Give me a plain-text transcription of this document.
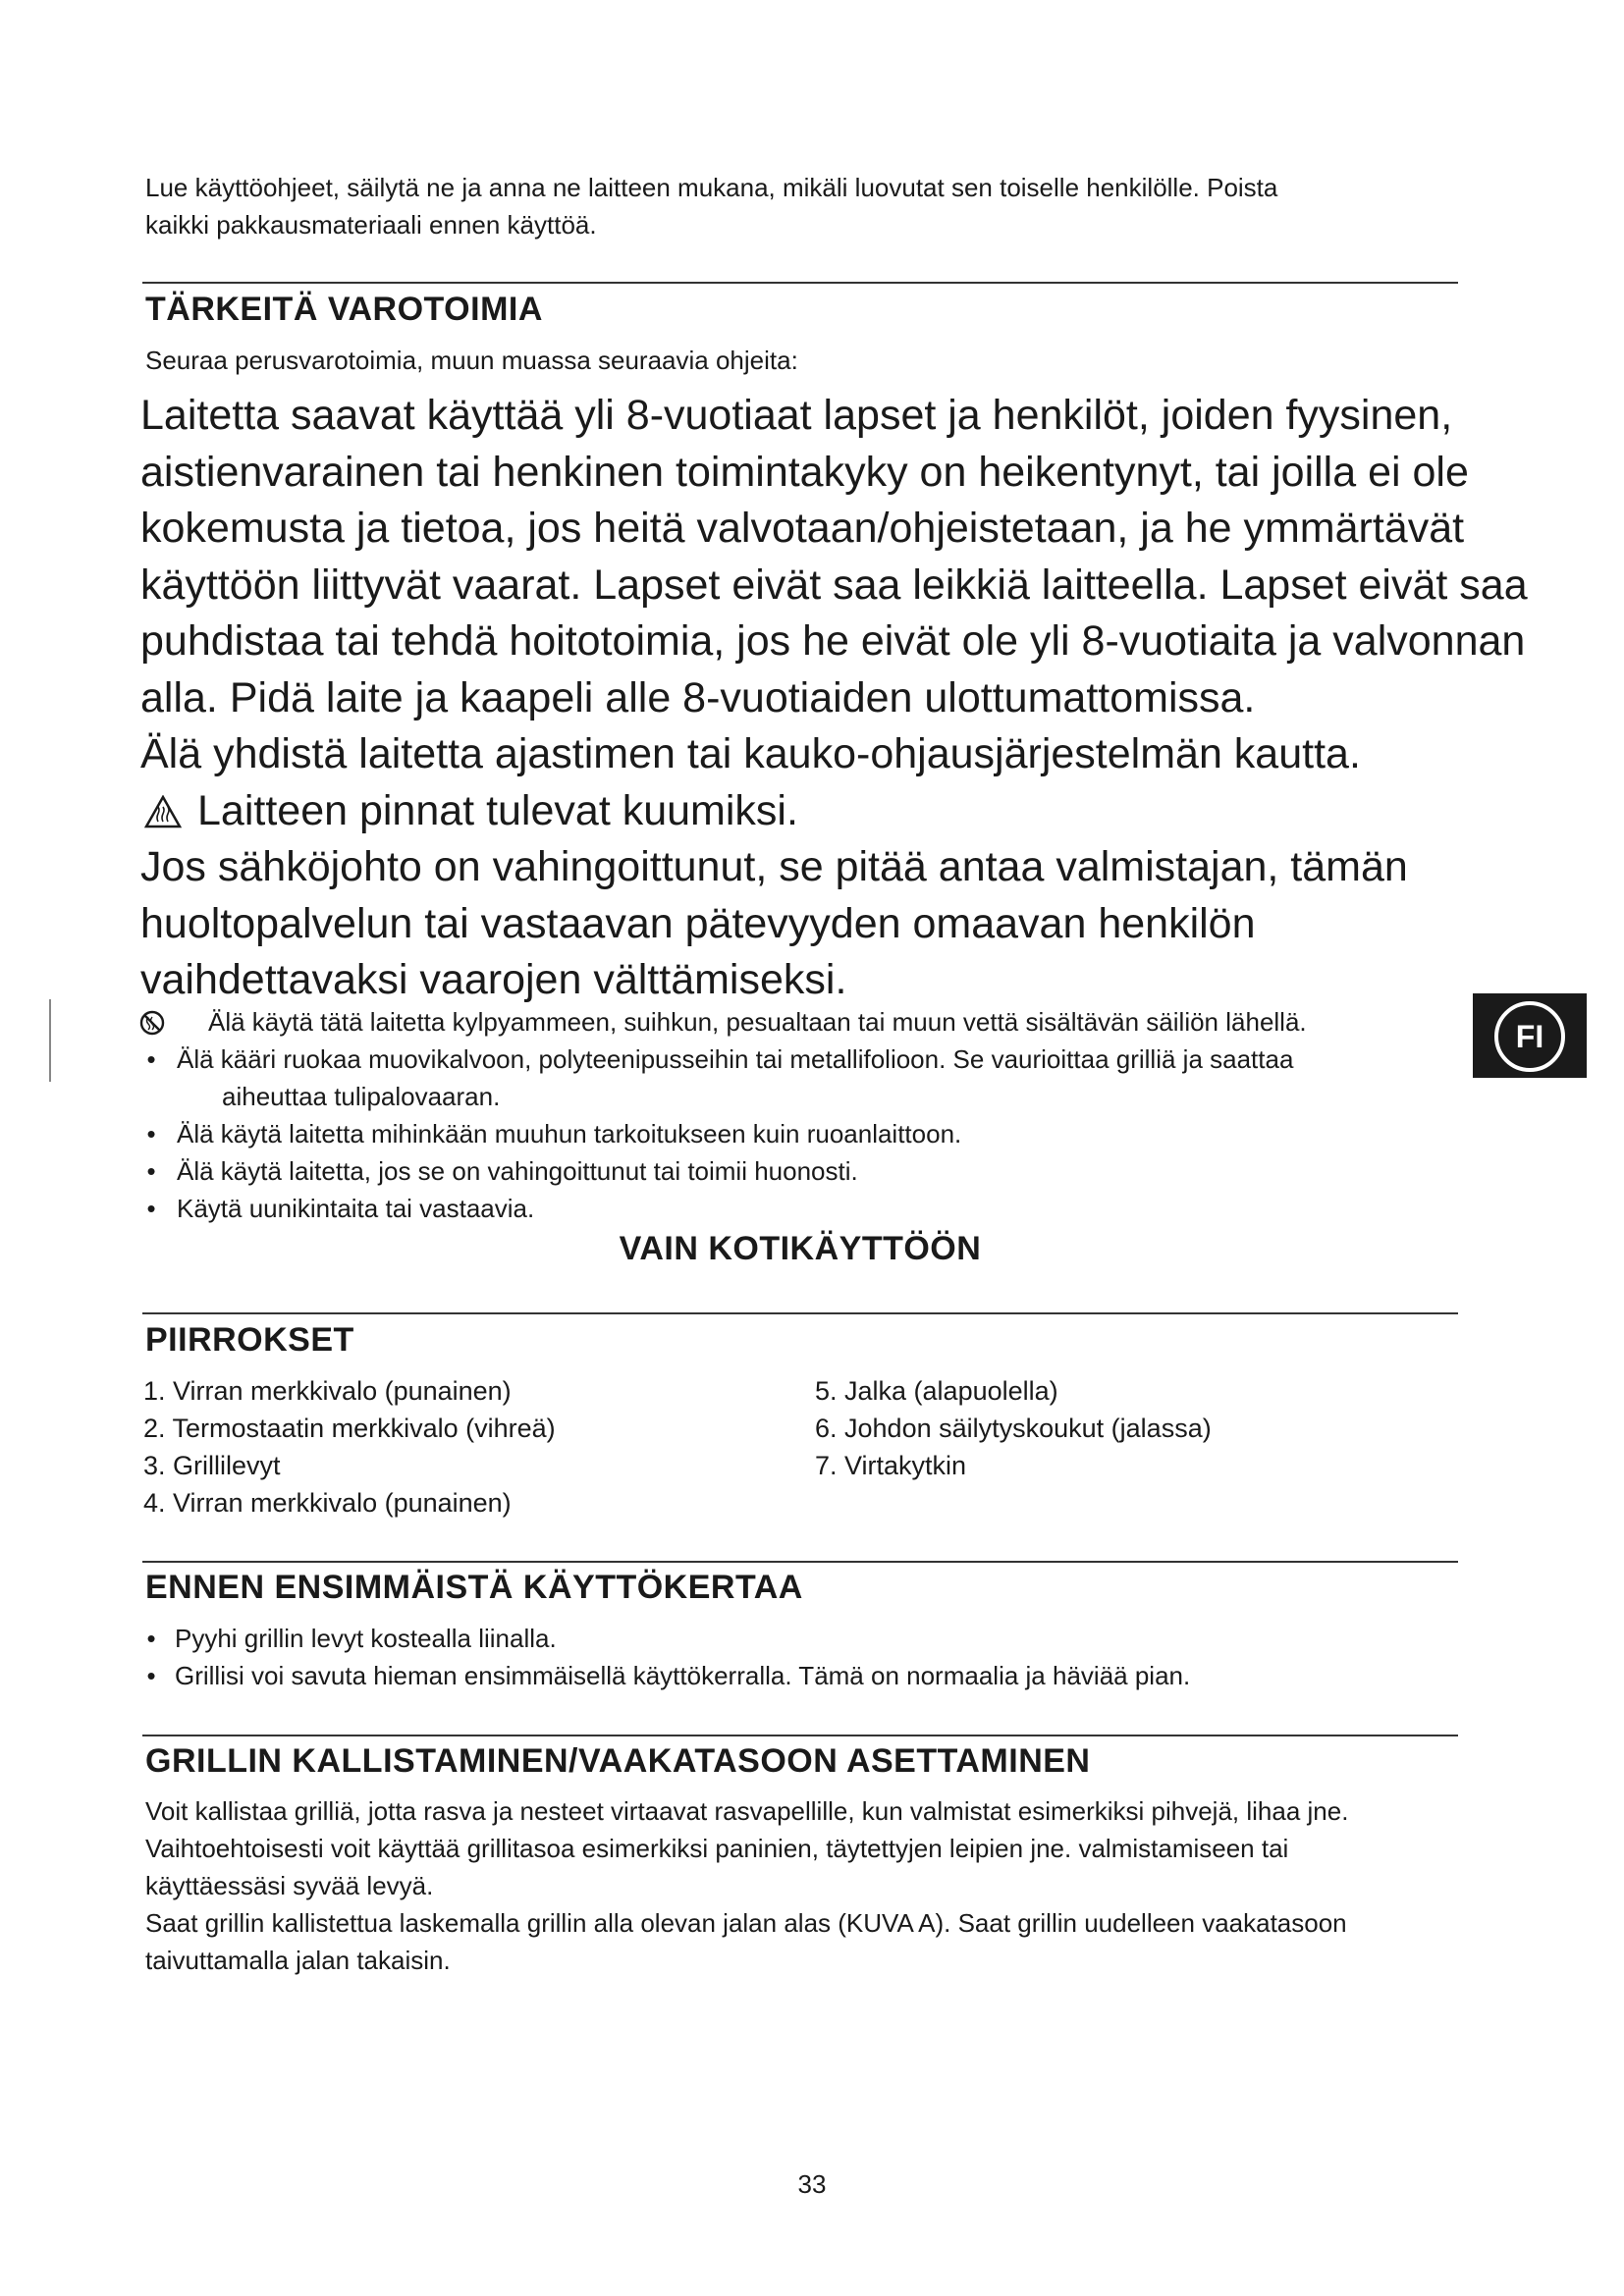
Lue käyttöohjeet, säilytä ne ja anna ne laitteen mukana, mikäli luovutat sen toiselle henkilölle. Poista
kaikki pakkausmateriaali ennen käyttöä.
TÄRKEITÄ VAROTOIMIA
Seuraa perusvarotoimia, muun muassa seuraavia ohjeita:

Laitetta saavat käyttää yli 8-vuotiaat lapset ja henkilöt, joiden fyysinen,

aistienvarainen tai henkinen toimintakyky on heikentynyt, tai joilla ei ole

kokemusta ja tietoa, jos heitä valvotaan/ohjeistetaan, ja he ymmärtävät

käyttöön liittyvät vaarat. Lapset eivät saa leikkiä laitteella. Lapset eivät saa

puhdistaa tai tehdä hoitotoimia, jos he eivät ole yli 8-vuotiaita ja valvonnan

alla. Pidä laite ja kaapeli alle 8-vuotiaiden ulottumattomissa.

Älä yhdistä laitetta ajastimen tai kauko-ohjausjärjestelmän kautta.

Laitteen pinnat tulevat kuumiksi.

Jos sähköjohto on vahingoittunut, se pitää antaa valmistajan, tämän

huoltopalvelun tai vastaavan pätevyyden omaavan henkilön

vaihdettavaksi vaarojen välttämiseksi.

Älä käytä tätä laitetta kylpyammeen, suihkun, pesualtaan tai muun vettä sisältävän säiliön lähellä.
• Älä kääri ruokaa muovikalvoon, polyteenipusseihin tai metallifolioon. Se vaurioittaa grilliä ja saattaa
aiheuttaa tulipalovaaran.
• Älä käytä laitetta mihinkään muuhun tarkoitukseen kuin ruoanlaittoon.
• Älä käytä laitetta, jos se on vahingoittunut tai toimii huonosti.
• Käytä uunikintaita tai vastaavia.
VAIN KOTIKÄYTTÖÖN
FI
PIIRROKSET
1. Virran merkkivalo (punainen)
2. Termostaatin merkkivalo (vihreä)
3. Grillilevyt
4. Virran merkkivalo (punainen)
5. Jalka (alapuolella)
6. Johdon säilytyskoukut (jalassa)
7. Virtakytkin
ENNEN ENSIMMÄISTÄ KÄYTTÖKERTAA
• Pyyhi grillin levyt kostealla liinalla.
• Grillisi voi savuta hieman ensimmäisellä käyttökerralla. Tämä on normaalia ja häviää pian.
GRILLIN KALLISTAMINEN/VAAKATASOON ASETTAMINEN
Voit kallistaa grilliä, jotta rasva ja nesteet virtaavat rasvapellille, kun valmistat esimerkiksi pihvejä, lihaa jne.
Vaihtoehtoisesti voit käyttää grillitasoa esimerkiksi paninien, täytettyjen leipien jne. valmistamiseen tai
käyttäessäsi syvää levyä.
Saat grillin kallistettua laskemalla grillin alla olevan jalan alas (KUVA A). Saat grillin uudelleen vaakatasoon
taivuttamalla jalan takaisin.
33
